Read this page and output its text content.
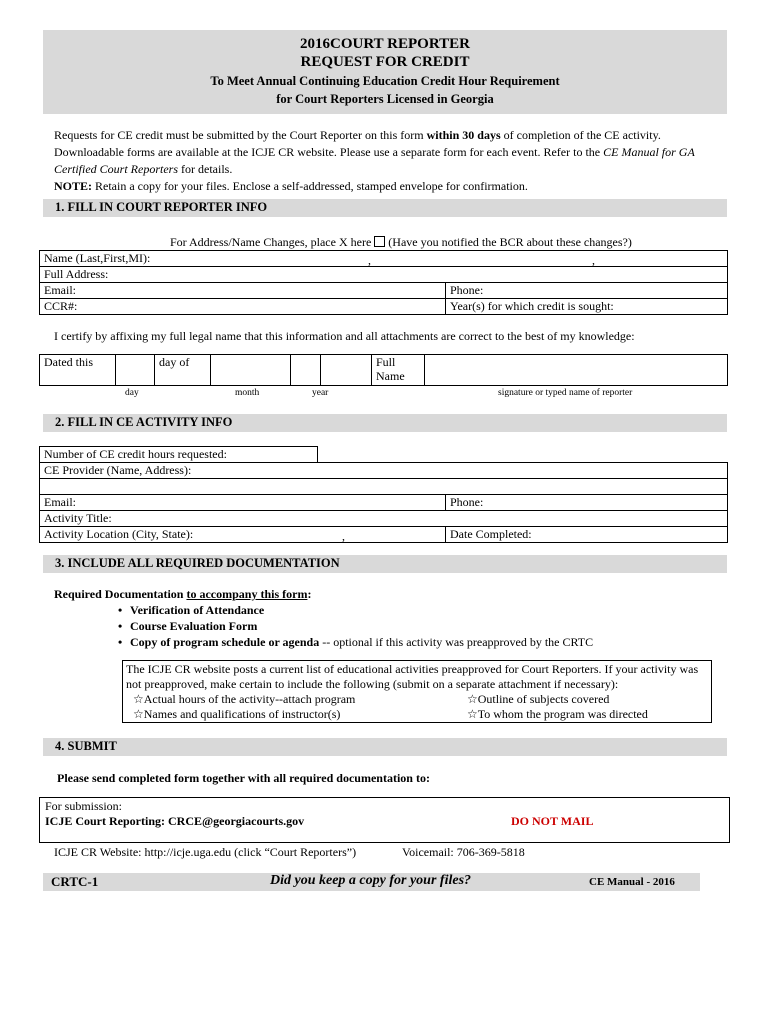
2016COURT REPORTER
REQUEST FOR CREDIT
To Meet Annual Continuing Education Credit Hour Requirement
for Court Reporters Licensed in Georgia
Requests for CE credit must be submitted by the Court Reporter on this form within 30 days of completion of the CE activity.
Downloadable forms are available at the ICJE CR website. Please use a separate form for each event. Refer to the CE Manual for GA
Certified Court Reporters for details.
NOTE: Retain a copy for your files. Enclose a self-addressed, stamped envelope for confirmation.
1. FILL IN COURT REPORTER INFO
For Address/Name Changes, place X here (Have you notified the BCR about these changes?)
Name (Last,First,MI): , ,	

Full Address:	
Email:	Phone:
CCR#:	Year(s) for which credit is sought:
I certify by affixing my full legal name that this information and all attachments are correct to the best of my knowledge:
Dated this		day of				Full
Name	
day	month	year	signature or typed name of reporter
2. FILL IN CE ACTIVITY INFO
Number of CE credit hours requested:
CE Provider (Name, Address):	

Email:	Phone:
Activity Title:	
Activity Location (City, State): ,	Date Completed:
3. INCLUDE ALL REQUIRED DOCUMENTATION
Required Documentation to accompany this form:
• Verification of Attendance
• Course Evaluation Form
• Copy of program schedule or agenda -- optional if this activity was preapproved by the CRTC
The ICJE CR website posts a current list of educational activities preapproved for Court Reporters. If your activity was
not preapproved, make certain to include the following (submit on a separate attachment if necessary):
☆Actual hours of the activity--attach program
☆Names and qualifications of instructor(s)
☆Outline of subjects covered
☆To whom the program was directed
4. SUBMIT
Please send completed form together with all required documentation to:
For submission:
ICJE Court Reporting: CRCE@georgiacourts.gov	DO NOT MAIL
ICJE CR Website: http://icje.uga.edu (click “Court Reporters”)	Voicemail: 706-369-5818
CRTC-1	Did you keep a copy for your files?	CE Manual - 2016
